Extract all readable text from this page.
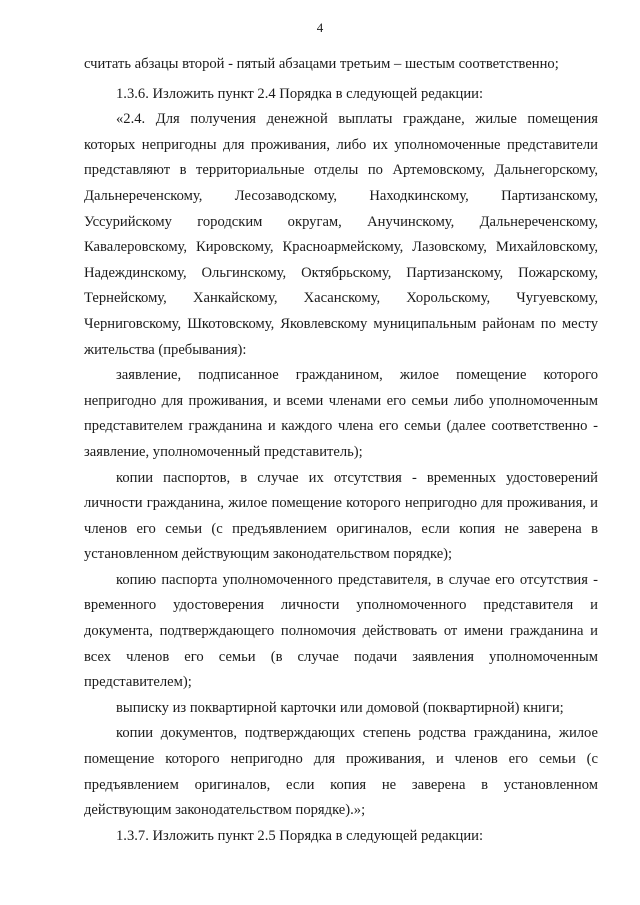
4

считать абзацы второй - пятый абзацами третьим – шестым соответственно;

1.3.6. Изложить пункт 2.4 Порядка в следующей редакции:

«2.4. Для получения денежной выплаты граждане, жилые помещения которых непригодны для проживания, либо их уполномоченные представители представляют в территориальные отделы по Артемовскому, Дальнегорскому, Дальнереченскому, Лесозаводскому, Находкинскому, Партизанскому, Уссурийскому городским округам, Анучинскому, Дальнереченскому, Кавалеровскому, Кировскому, Красноармейскому, Лазовскому, Михайловскому, Надеждинскому, Ольгинскому, Октябрьскому, Партизанскому, Пожарскому, Тернейскому, Ханкайскому, Хасанскому, Хорольскому, Чугуевскому, Черниговскому, Шкотовскому, Яковлевскому муниципальным районам по месту жительства (пребывания):

заявление, подписанное гражданином, жилое помещение которого непригодно для проживания, и всеми членами его семьи либо уполномоченным представителем гражданина и каждого члена его семьи (далее соответственно - заявление, уполномоченный представитель);

копии паспортов, в случае их отсутствия - временных удостоверений личности гражданина, жилое помещение которого непригодно для проживания, и членов его семьи (с предъявлением оригиналов, если копия не заверена в установленном действующим законодательством порядке);

копию паспорта уполномоченного представителя, в случае его отсутствия - временного удостоверения личности уполномоченного представителя и документа, подтверждающего полномочия действовать от имени гражданина и всех членов его семьи (в случае подачи заявления уполномоченным представителем);

выписку из поквартирной карточки или домовой (поквартирной) книги;

копии документов, подтверждающих степень родства гражданина, жилое помещение которого непригодно для проживания, и членов его семьи (с предъявлением оригиналов, если копия не заверена в установленном действующим законодательством порядке).»;

1.3.7. Изложить пункт 2.5 Порядка в следующей редакции:
